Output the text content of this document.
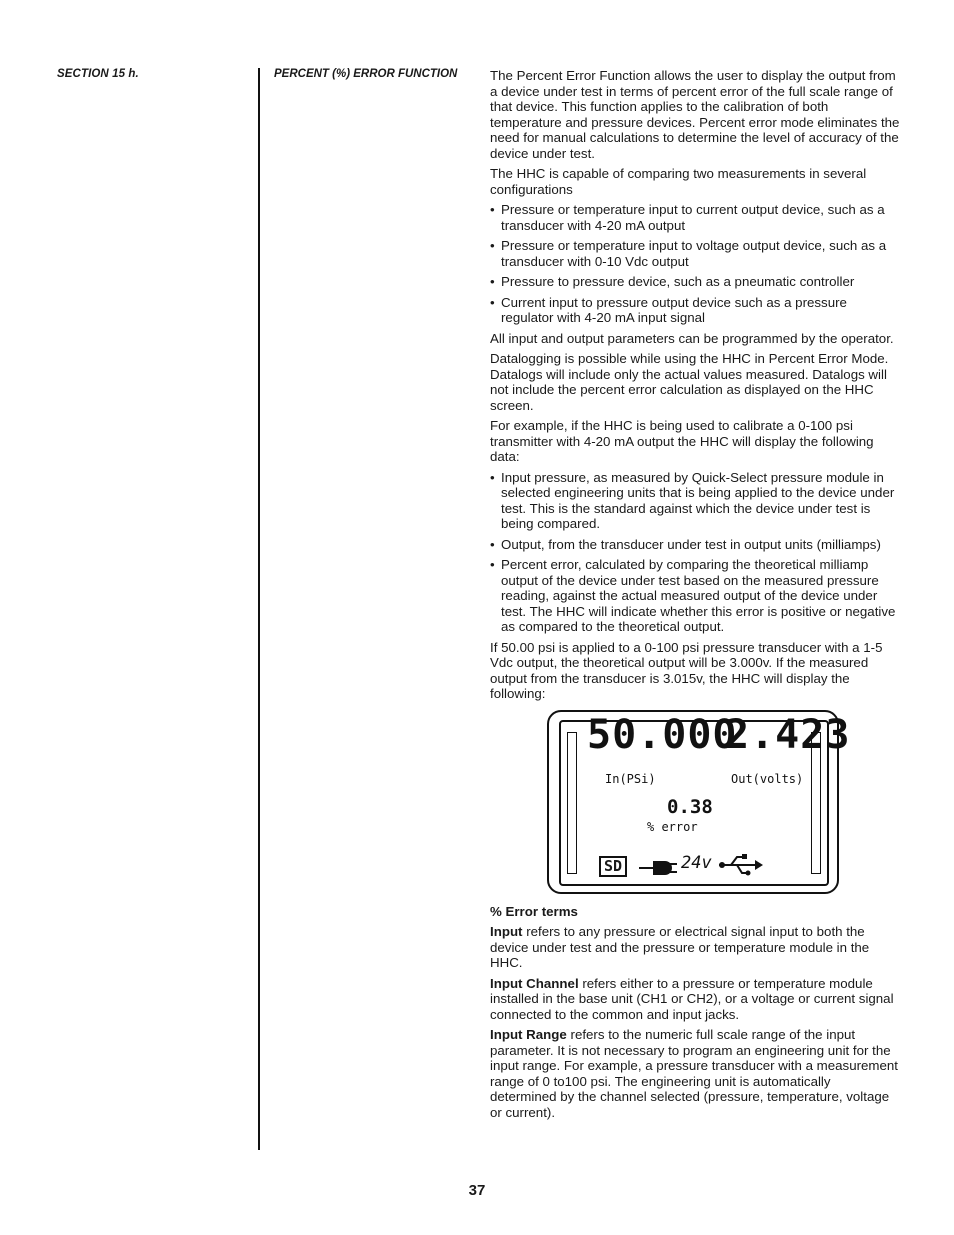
SECTION 15 h.	PERCENT (%) ERROR FUNCTION The Percent Error Function allows the user to display the output from a device under test in terms of percent error of the full scale range of that device. This function applies to the calibration of both temperature and pressure devices. Percent error mode eliminates the need for manual calculations to determine the level of accuracy of the device under test.

The HHC is capable of comparing two measurements in several configurations

• Pressure or temperature input to current output device, such as a transducer with 4-20 mA output
• Pressure or temperature input to voltage output device, such as a transducer with 0-10 Vdc output
• Pressure to pressure device, such as a pneumatic controller
• Current input to pressure output device such as a pressure regulator with 4-20 mA input signal

All input and output parameters can be programmed by the operator.

Datalogging is possible while using the HHC in Percent Error Mode. Datalogs will include only the actual values measured. Datalogs will not include the percent error calculation as displayed on the HHC screen.

For example, if the HHC is being used to calibrate a 0-100 psi transmitter with 4-20 mA output the HHC will display the following data:

• Input pressure, as measured by Quick-Select pressure module in selected engineering units that is being applied to the device under test. This is the standard against which the device under test is being compared.
• Output, from the transducer under test in output units (milliamps)
• Percent error, calculated by comparing the theoretical milliamp output of the device under test based on the measured pressure reading, against the actual measured output of the device under test. The HHC will indicate whether this error is positive or negative as compared to the theoretical output.

If 50.00 psi is applied to a 0-100 psi pressure transducer with a 1-5 Vdc output, the theoretical output will be 3.000v. If the measured output from the transducer is 3.015v, the HHC will display the following:

50.000
2.423
In(PSi)	Out(volts)
0.38
% error
SD	24v

% Error terms

Input refers to any pressure or electrical signal input to both the device under test and the pressure or temperature module in the HHC.

Input Channel refers either to a pressure or temperature module installed in the base unit (CH1 or CH2), or a voltage or current signal connected to the common and input jacks.

Input Range refers to the numeric full scale range of the input parameter. It is not necessary to program an engineering unit for the input range. For example, a pressure transducer with a measurement range of 0 to100 psi. The engineering unit is automatically determined by the channel selected (pressure, temperature, voltage or current).

37
